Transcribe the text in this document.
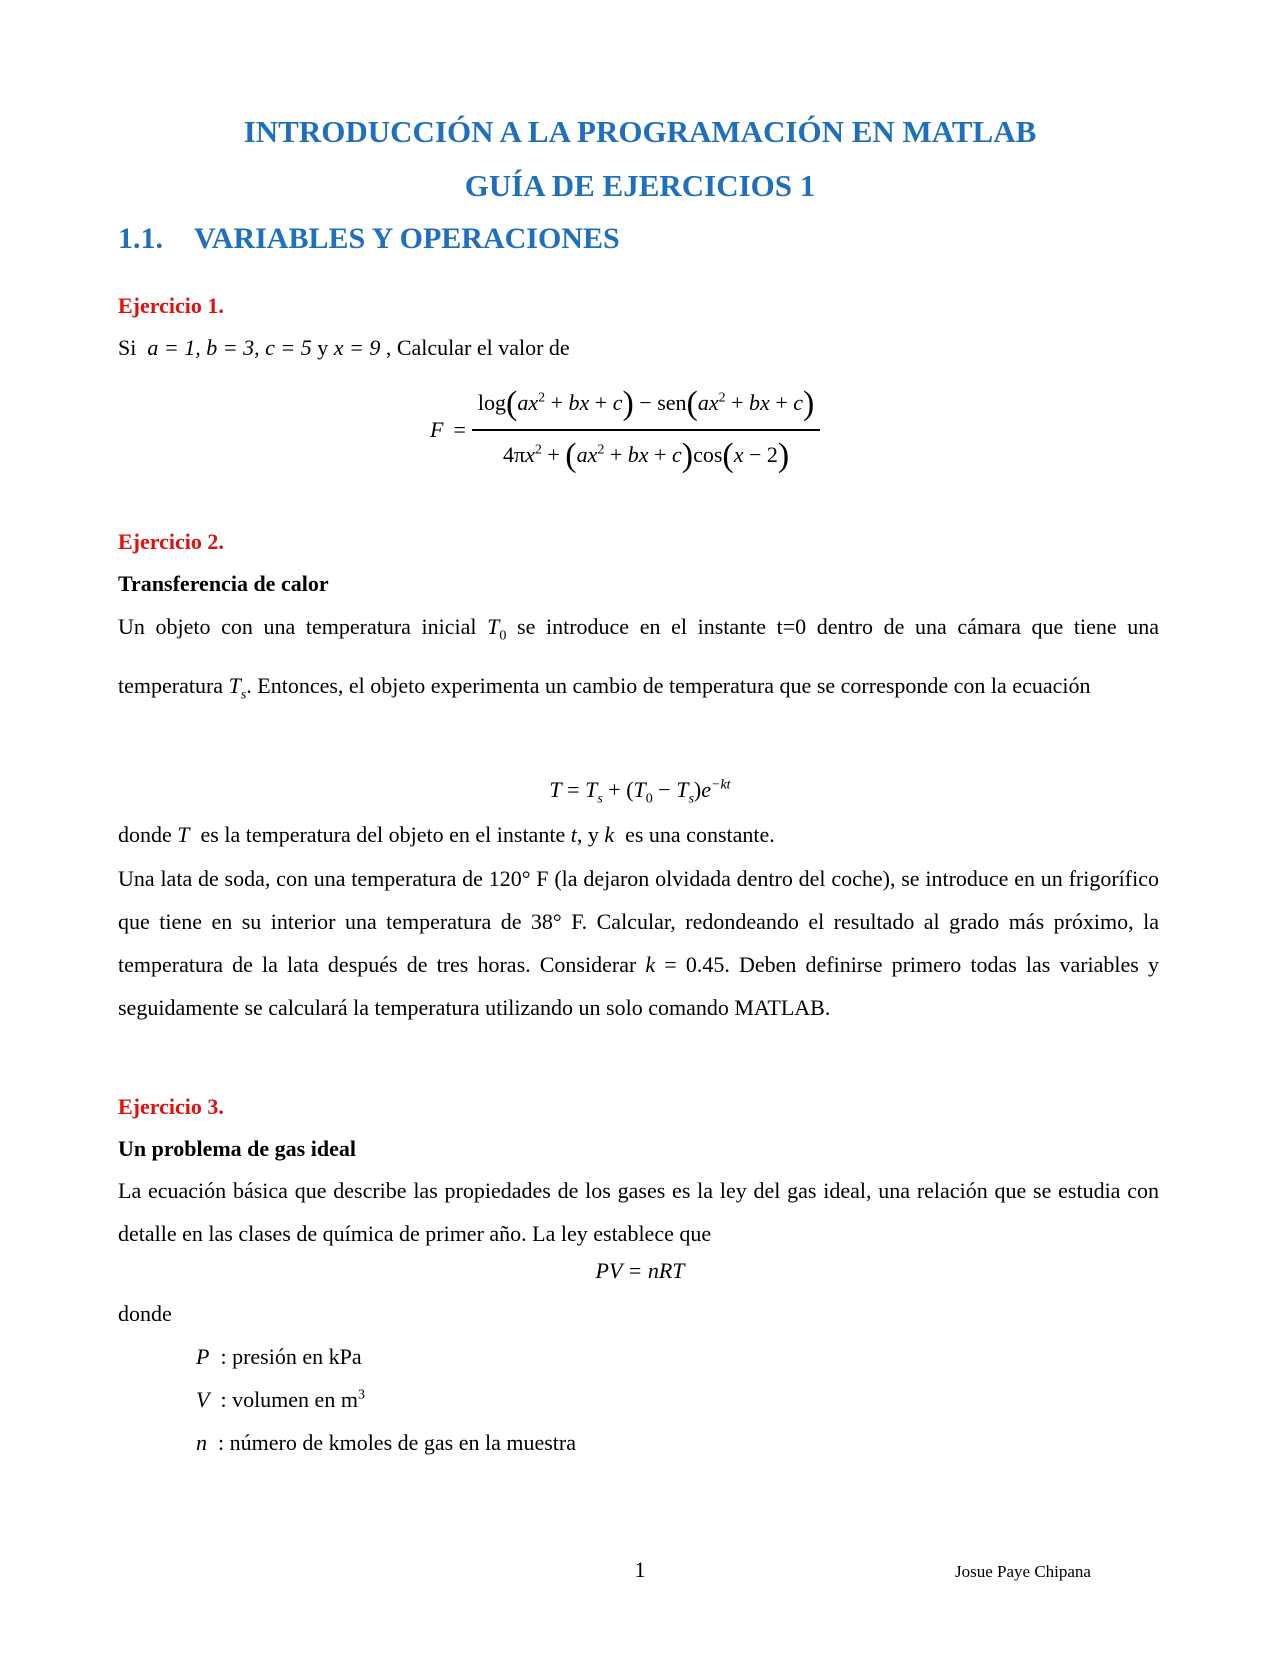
INTRODUCCIÓN A LA PROGRAMACIÓN EN MATLAB
GUÍA DE EJERCICIOS 1
1.1. VARIABLES Y OPERACIONES
Ejercicio 1.
Si a = 1, b = 3, c = 5 y x = 9 , Calcular el valor de
$F = \frac{\log(ax^2 + bx + c) - sen(ax^2 + bx + c)}{4\pi x^2 + (ax^2 + bx + c)\cos(x - 2)}$
Ejercicio 2.
Transferencia de calor
Un objeto con una temperatura inicial $T_0$ se introduce en el instante t=0 dentro de una cámara que tiene una temperatura $T_s$. Entonces, el objeto experimenta un cambio de temperatura que se corresponde con la ecuación
$T = T_s + (T_0 - T_s)e^{-kt}$
donde T es la temperatura del objeto en el instante t, y k es una constante.
Una lata de soda, con una temperatura de 120° F (la dejaron olvidada dentro del coche), se introduce en un frigorífico que tiene en su interior una temperatura de 38° F. Calcular, redondeando el resultado al grado más próximo, la temperatura de la lata después de tres horas. Considerar k = 0.45. Deben definirse primero todas las variables y seguidamente se calculará la temperatura utilizando un solo comando MATLAB.
Ejercicio 3.
Un problema de gas ideal
La ecuación básica que describe las propiedades de los gases es la ley del gas ideal, una relación que se estudia con detalle en las clases de química de primer año. La ley establece que
PV = nRT
donde
P : presión en kPa
V : volumen en $m^3$
n : número de kmoles de gas en la muestra
1	Josue Paye Chipana
